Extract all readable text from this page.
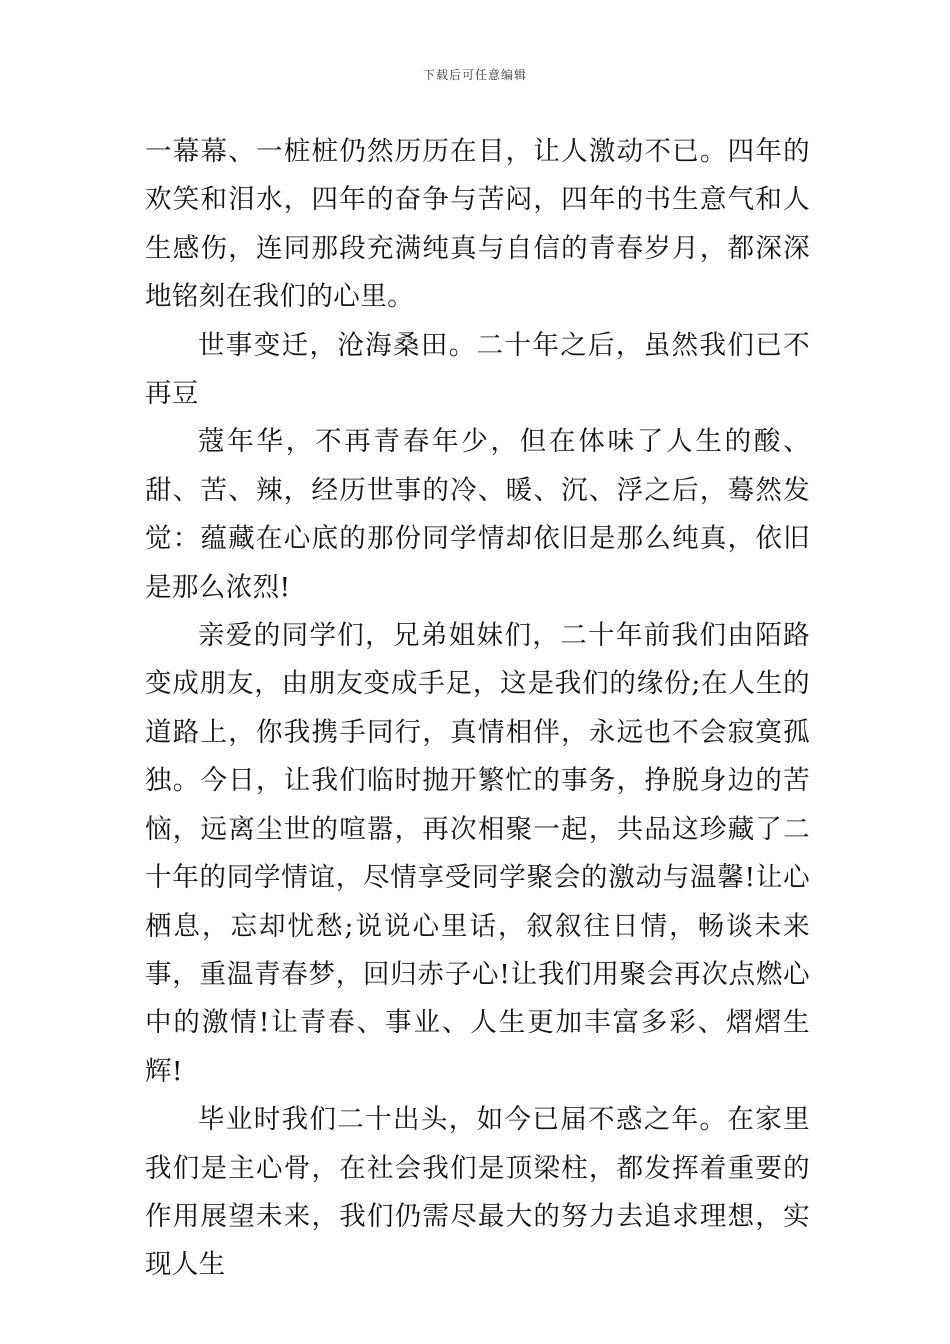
下载后可任意编辑

一幕幕、一桩桩仍然历历在目，让人激动不已。四年的欢笑和泪水，四年的奋争与苦闷，四年的书生意气和人生感伤，连同那段充满纯真与自信的青春岁月，都深深地铭刻在我们的心里。

世事变迁，沧海桑田。二十年之后，虽然我们已不再豆

蔻年华，不再青春年少，但在体味了人生的酸、甜、苦、辣，经历世事的冷、暖、沉、浮之后，蓦然发觉：蕴藏在心底的那份同学情却依旧是那么纯真，依旧是那么浓烈!

亲爱的同学们，兄弟姐妹们，二十年前我们由陌路变成朋友，由朋友变成手足，这是我们的缘份;在人生的道路上，你我携手同行，真情相伴，永远也不会寂寞孤独。今日，让我们临时抛开繁忙的事务，挣脱身边的苦恼，远离尘世的喧嚣，再次相聚一起，共品这珍藏了二十年的同学情谊，尽情享受同学聚会的激动与温馨!让心栖息，忘却忧愁;说说心里话，叙叙往日情，畅谈未来事，重温青春梦，回归赤子心!让我们用聚会再次点燃心中的激情!让青春、事业、人生更加丰富多彩、熠熠生辉!

毕业时我们二十出头，如今已届不惑之年。在家里我们是主心骨，在社会我们是顶梁柱，都发挥着重要的作用展望未来，我们仍需尽最大的努力去追求理想，实现人生
